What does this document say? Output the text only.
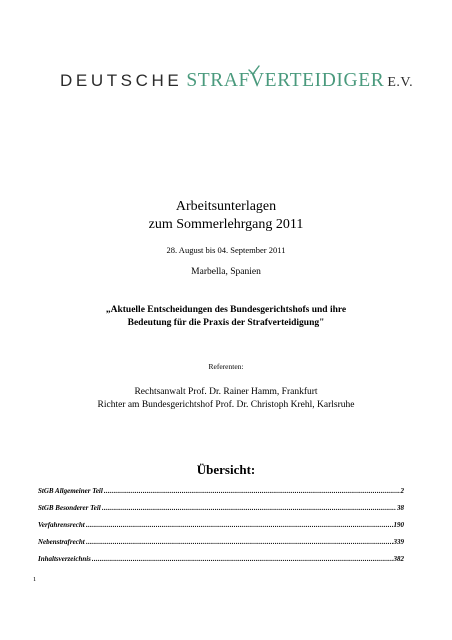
DEUTSCHE STRAFVERTEIDIGER E.V.
Arbeitsunterlagen
zum Sommerlehrgang 2011
28. August bis 04. September 2011
Marbella, Spanien
„Aktuelle Entscheidungen des Bundesgerichtshofs und ihre
Bedeutung für die Praxis der Strafverteidigung"
Referenten:
Rechtsanwalt Prof. Dr. Rainer Hamm, Frankfurt
Richter am Bundesgerichtshof Prof. Dr. Christoph Krehl, Karlsruhe
Übersicht:
StGB Allgemeiner Teil .....	2
StGB Besonderer Teil .....	38
Verfahrensrecht .....	190
Nebenstrafrecht .....	339
Inhaltsverzeichnis .....	382
1
